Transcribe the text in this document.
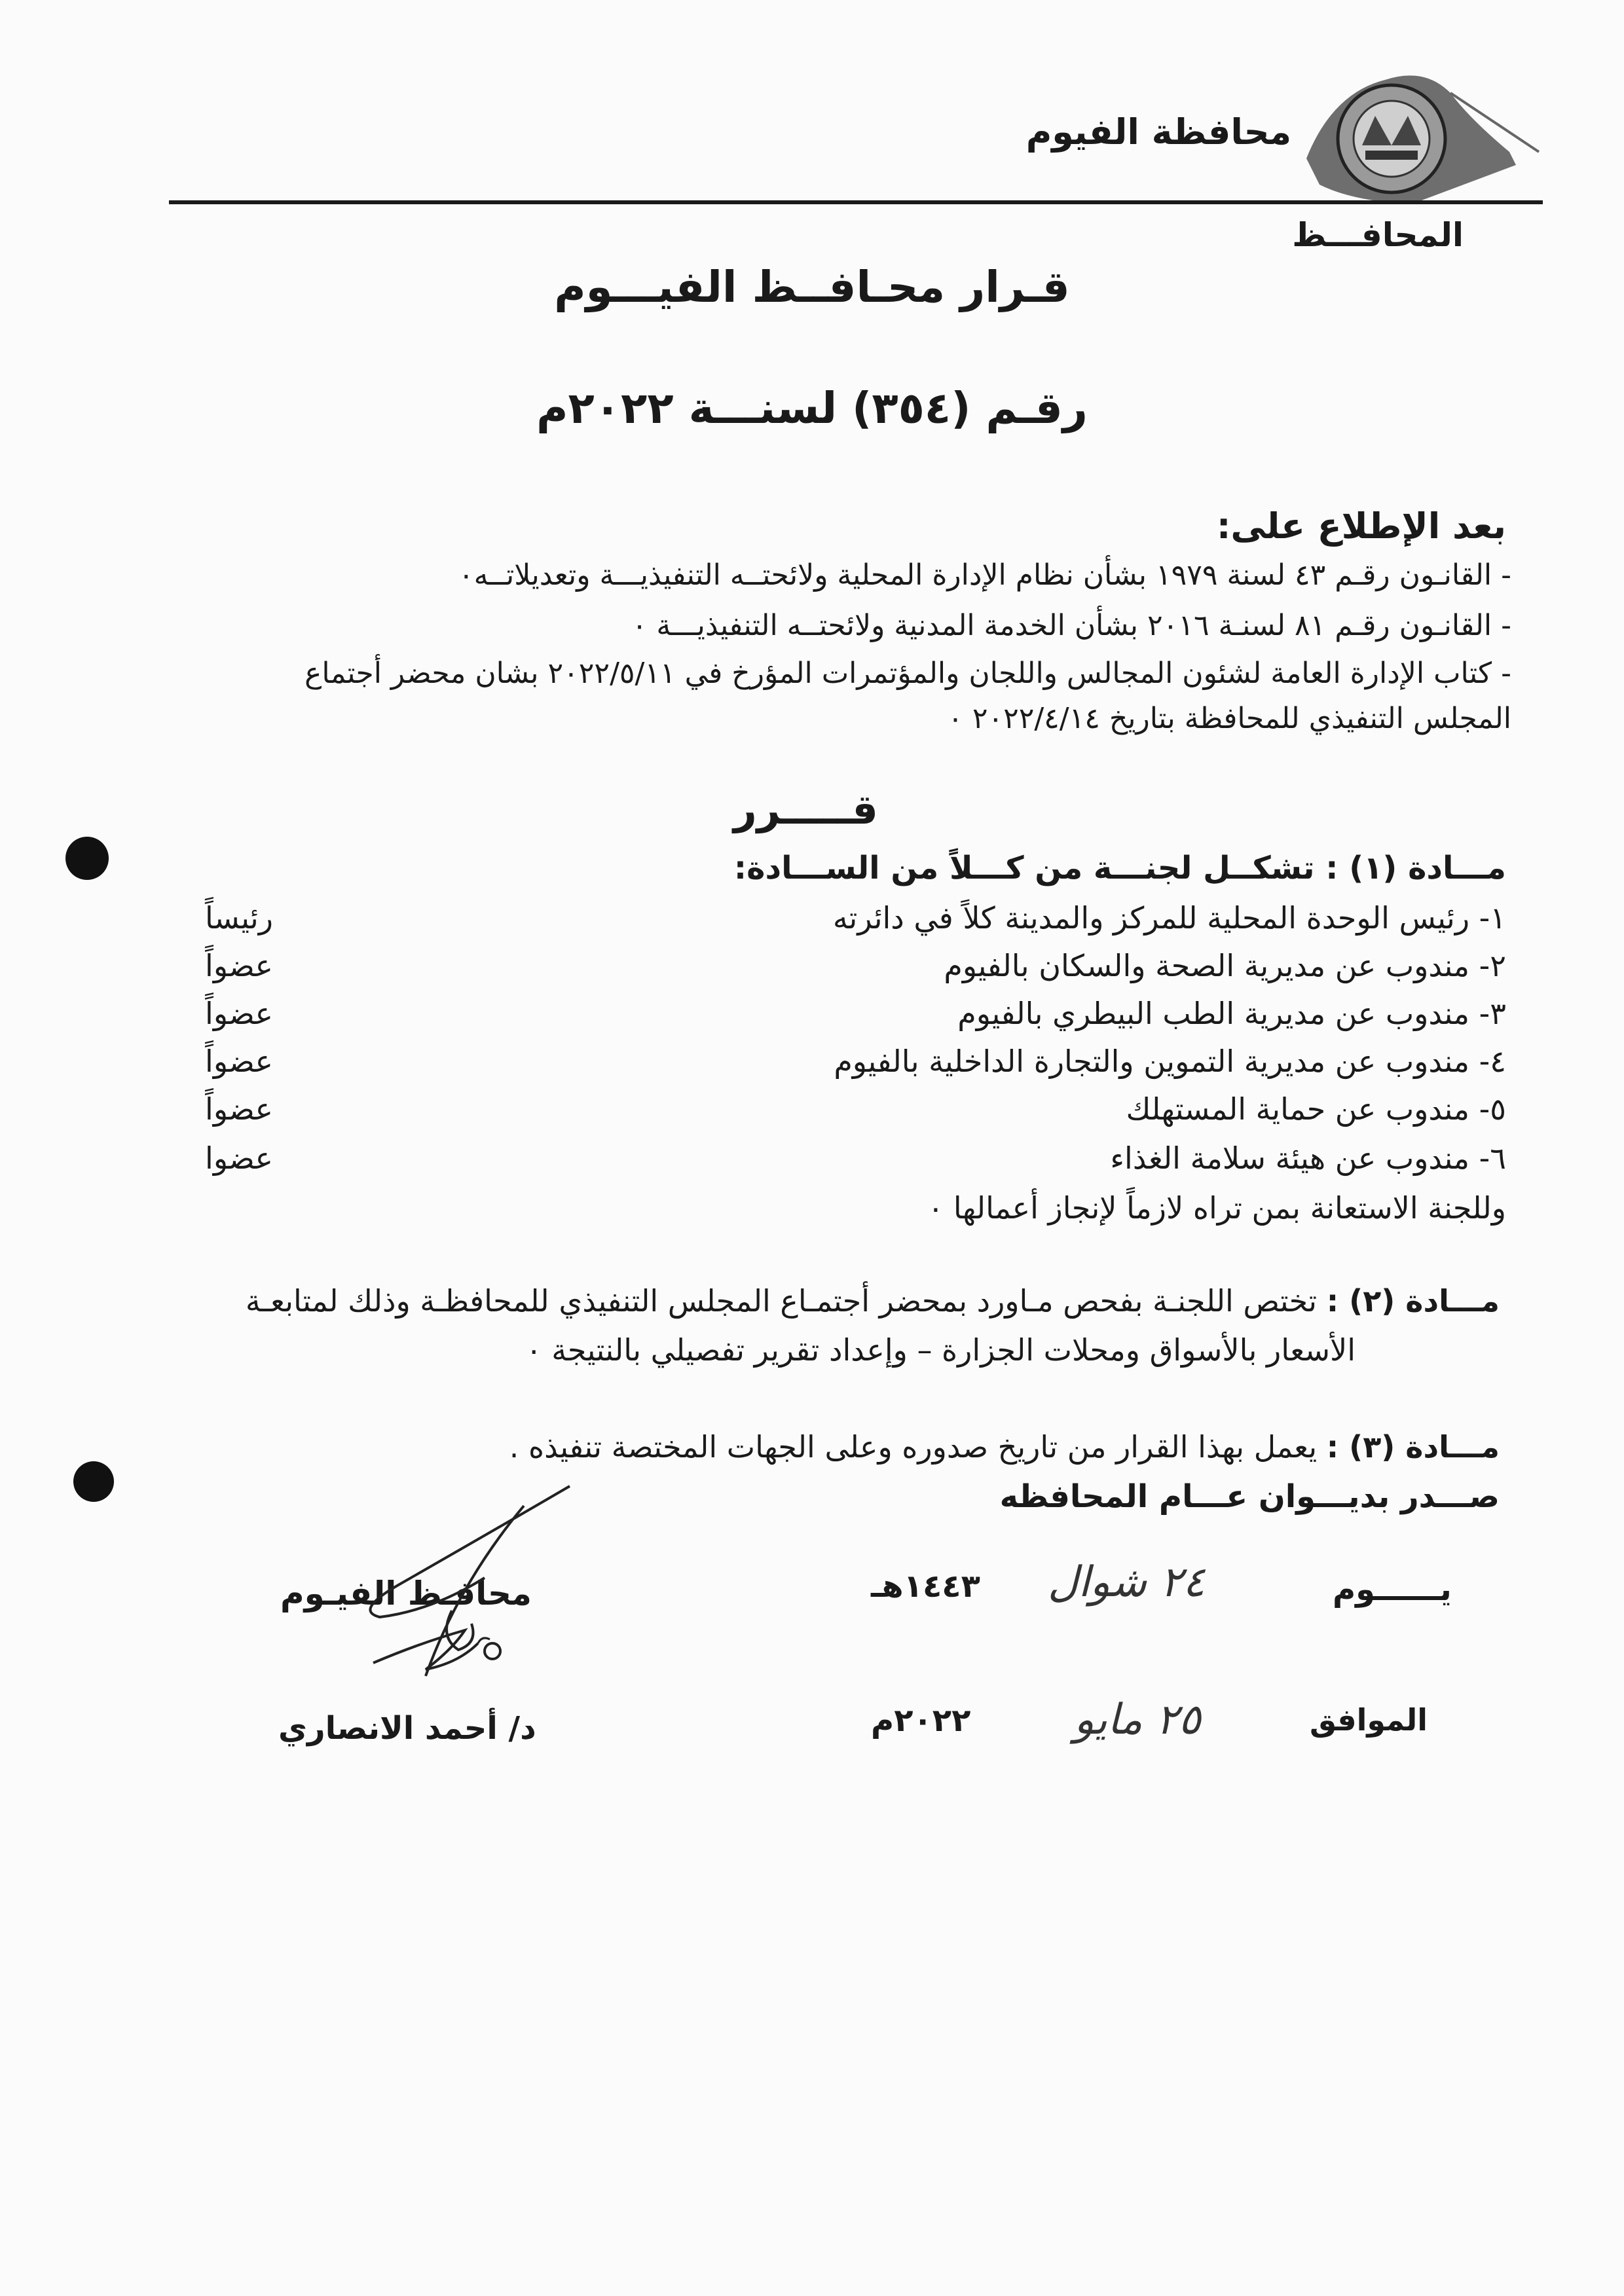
محافظة الفيوم
المحافـــظ
قـرار محـافــظ الفيـــوم
رقـم (٣٥٤) لسنـــة ٢٠٢٢م
بعد الإطلاع على:
- القانـون رقـم ٤٣ لسنة ١٩٧٩ بشأن نظام الإدارة المحلية ولائحتــه التنفيذيـــة وتعديلاتــه٠
- القانـون رقـم ٨١ لسنـة ٢٠١٦ بشأن الخدمة المدنية ولائحتــه التنفيذيـــة ٠
- كتاب الإدارة العامة لشئون المجالس واللجان والمؤتمرات المؤرخ في ٢٠٢٢/٥/١١ بشان محضر أجتماع
المجلس التنفيذي للمحافظة بتاريخ ٢٠٢٢/٤/١٤ ٠
قـــــرر
مـــادة (١) : تشكــل لجنـــة من كـــلاً من الســـادة:
١- رئيس الوحدة المحلية للمركز والمدينة كلاً في دائرته
رئيساً
٢- مندوب عن مديرية الصحة والسكان بالفيوم
عضواً
٣- مندوب عن مديرية الطب البيطري بالفيوم
عضواً
٤- مندوب عن مديرية التموين والتجارة الداخلية بالفيوم
عضواً
٥- مندوب عن حماية المستهلك
عضواً
٦- مندوب عن هيئة سلامة الغذاء
عضوا
وللجنة الاستعانة بمن تراه لازماً لإنجاز أعمالها ٠
مـــادة (٢) : تختص اللجنـة بفحص مـاورد بمحضر أجتمـاع المجلس التنفيذي للمحافظـة وذلك لمتابعـة
الأسعار بالأسواق ومحلات الجزارة – وإعداد تقرير تفصيلي بالنتيجة ٠
مـــادة (٣) : يعمل بهذا القرار من تاريخ صدوره وعلى الجهات المختصة تنفيذه .
صـــدر بديـــوان عـــام المحافظه
يــــــوم
٢٤ شوال
١٤٤٣هـ
الموافق
٢٥ مايو
٢٠٢٢م
محافـظ الفيـوم
د/ أحمد الانصاري
